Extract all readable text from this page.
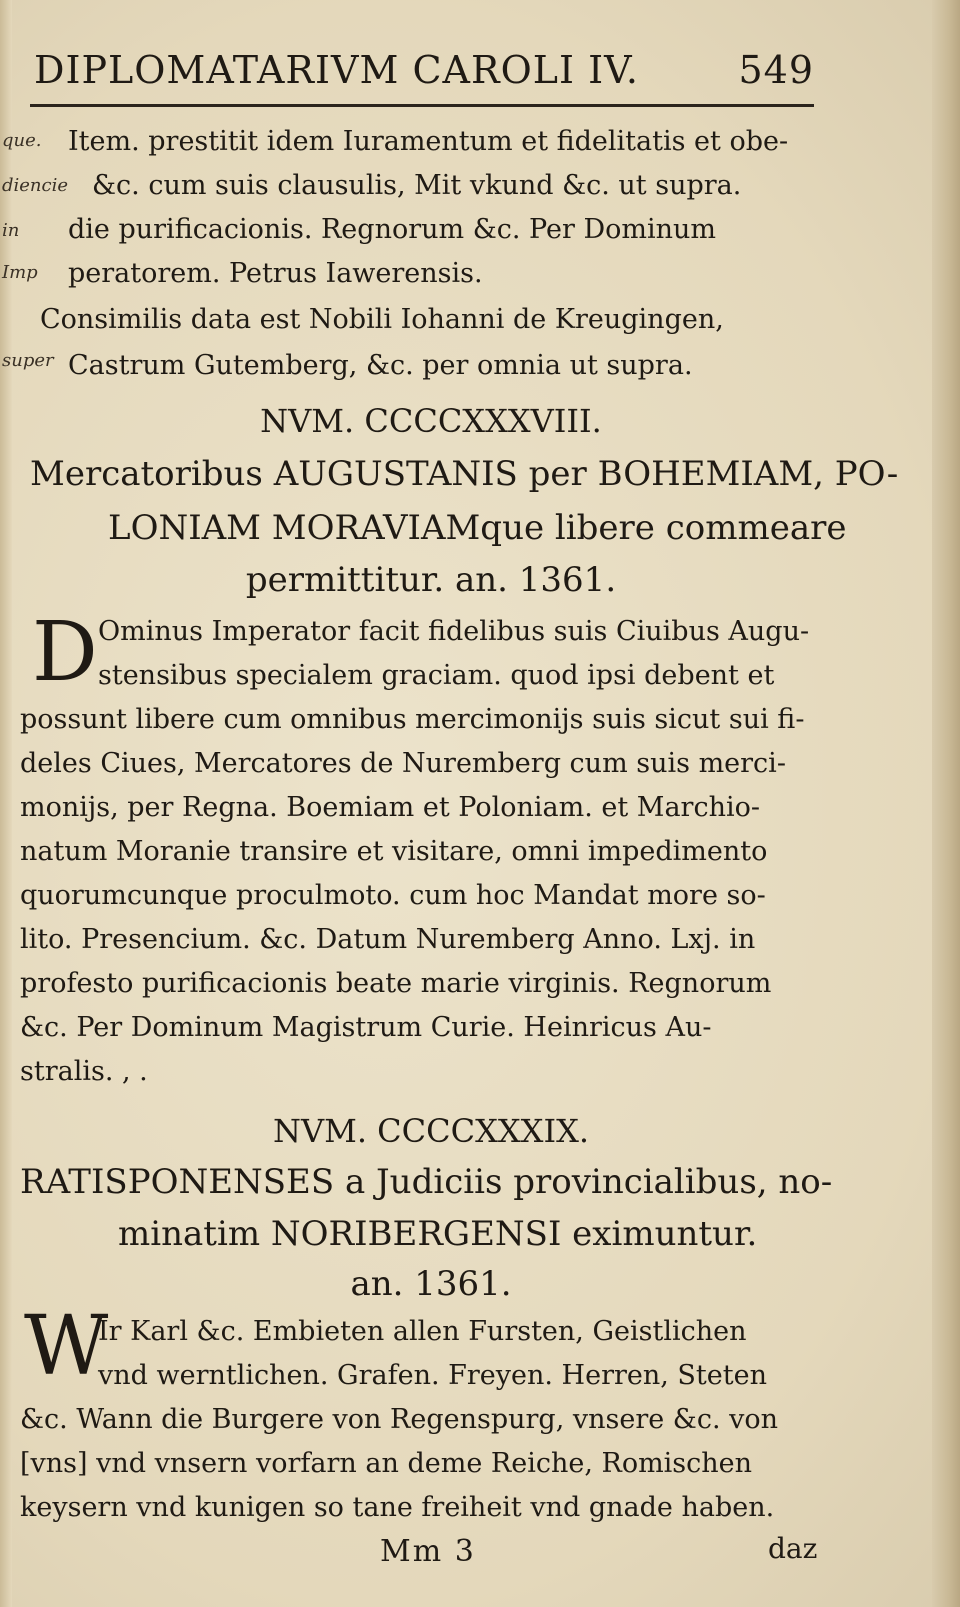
DIPLOMATARIVM CAROLI IV.	549
que.
diencie
in
Imp
super
Item. prestitit idem Iuramentum et fidelitatis et obe-
&c. cum suis clausulis, Mit vkund &c. ut supra.
die purificacionis. Regnorum &c. Per Dominum
peratorem. Petrus Iawerensis.
Consimilis data est Nobili Iohanni de Kreugingen,
Castrum Gutemberg, &c. per omnia ut supra.
NVM. CCCCXXXVIII.
Mercatoribus AUGUSTANIS per BOHEMIAM, PO-
LONIAM MORAVIAMque libere commeare
permittitur. an. 1361.
D Ominus Imperator facit fidelibus suis Ciuibus Augu-
stensibus specialem graciam. quod ipsi debent et
possunt libere cum omnibus mercimonijs suis sicut sui fi-
deles Ciues, Mercatores de Nuremberg cum suis merci-
monijs, per Regna. Boemiam et Poloniam. et Marchio-
natum Moranie transire et visitare, omni impedimento
quorumcunque proculmoto. cum hoc Mandat more so-
lito. Presencium. &c. Datum Nuremberg Anno. Lxj. in
profesto purificacionis beate marie virginis. Regnorum
&c. Per Dominum Magistrum Curie. Heinricus Au-
stralis. , .
NVM. CCCCXXXIX.
RATISPONENSES a Judiciis provincialibus, no-
minatim NORIBERGENSI eximuntur.
an. 1361.
W
Ir Karl &c. Embieten allen Fursten, Geistlichen
vnd werntlichen. Grafen. Freyen. Herren, Steten
&c. Wann die Burgere von Regenspurg, vnsere &c. von
[vns] vnd vnsern vorfarn an deme Reiche, Romischen
keysern vnd kunigen so tane freiheit vnd gnade haben.
Mm 3	daz
